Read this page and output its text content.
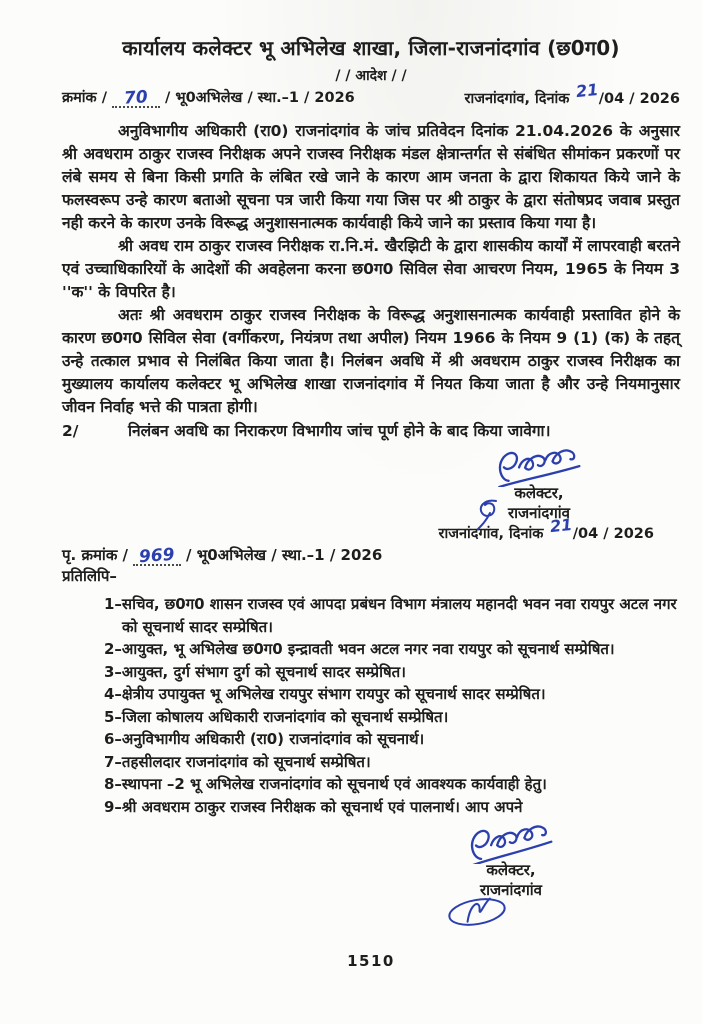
कार्यालय कलेक्टर भू अभिलेख शाखा, जिला-राजनांदगांव (छ0ग0)
/ / आदेश / /
क्रमांक / 70 / भू0अभिलेख / स्था.–1 / 2026	राजनांदगांव, दिनांक 21/04 / 2026

अनुविभागीय अधिकारी (रा0) राजनांदगांव के जांच प्रतिवेदन दिनांक 21.04.2026 के अनुसार श्री अवधराम ठाकुर राजस्व निरीक्षक अपने राजस्व निरीक्षक मंडल क्षेत्रान्तर्गत से संबंधित सीमांकन प्रकरणों पर लंबे समय से बिना किसी प्रगति के लंबित रखे जाने के कारण आम जनता के द्वारा शिकायत किये जाने के फलस्वरूप उन्हे कारण बताओ सूचना पत्र जारी किया गया जिस पर श्री ठाकुर के द्वारा संतोषप्रद जवाब प्रस्तुत नही करने के कारण उनके विरूद्ध अनुशासनात्मक कार्यवाही किये जाने का प्रस्ताव किया गया है।

श्री अवध राम ठाकुर राजस्व निरीक्षक रा.नि.मं. खैरझिटी के द्वारा शासकीय कार्यों में लापरवाही बरतने एवं उच्चाधिकारियों के आदेशों की अवहेलना करना छ0ग0 सिविल सेवा आचरण नियम, 1965 के नियम 3 ''क'' के विपरित है।

अतः श्री अवधराम ठाकुर राजस्व निरीक्षक के विरूद्ध अनुशासनात्मक कार्यवाही प्रस्तावित होने के कारण छ0ग0 सिविल सेवा (वर्गीकरण, नियंत्रण तथा अपील) नियम 1966 के नियम 9 (1) (क) के तहत् उन्हे तत्काल प्रभाव से निलंबित किया जाता है। निलंबन अवधि में श्री अवधराम ठाकुर राजस्व निरीक्षक का मुख्यालय कार्यालय कलेक्टर भू अभिलेख शाखा राजनांदगांव में नियत किया जाता है और उन्हे नियमानुसार जीवन निर्वाह भत्ते की पात्रता होगी।

2/	निलंबन अवधि का निराकरण विभागीय जांच पूर्ण होने के बाद किया जावेगा।
कलेक्टर,
राजनांदगांव
राजनांदगांव, दिनांक 21/04 / 2026
पृ. क्रमांक / 969 / भू0अभिलेख / स्था.–1 / 2026
प्रतिलिपि–
1–सचिव, छ0ग0 शासन राजस्व एवं आपदा प्रबंधन विभाग मंत्रालय महानदी भवन नवा रायपुर अटल नगर को सूचनार्थ सादर सम्प्रेषित।
2–आयुक्त, भू अभिलेख छ0ग0 इन्द्रावती भवन अटल नगर नवा रायपुर को सूचनार्थ सम्प्रेषित।
3–आयुक्त, दुर्ग संभाग दुर्ग को सूचनार्थ सादर सम्प्रेषित।
4–क्षेत्रीय उपायुक्त भू अभिलेख रायपुर संभाग रायपुर को सूचनार्थ सादर सम्प्रेषित।
5–जिला कोषालय अधिकारी राजनांदगांव को सूचनार्थ सम्प्रेषित।
6–अनुविभागीय अधिकारी (रा0) राजनांदगांव को सूचनार्थ।
7–तहसीलदार राजनांदगांव को सूचनार्थ सम्प्रेषित।
8–स्थापना –2 भू अभिलेख राजनांदगांव को सूचनार्थ एवं आवश्यक कार्यवाही हेतु।
9–श्री अवधराम ठाकुर राजस्व निरीक्षक को सूचनार्थ एवं पालनार्थ। आप अपने
कलेक्टर,
राजनांदगांव
1510
